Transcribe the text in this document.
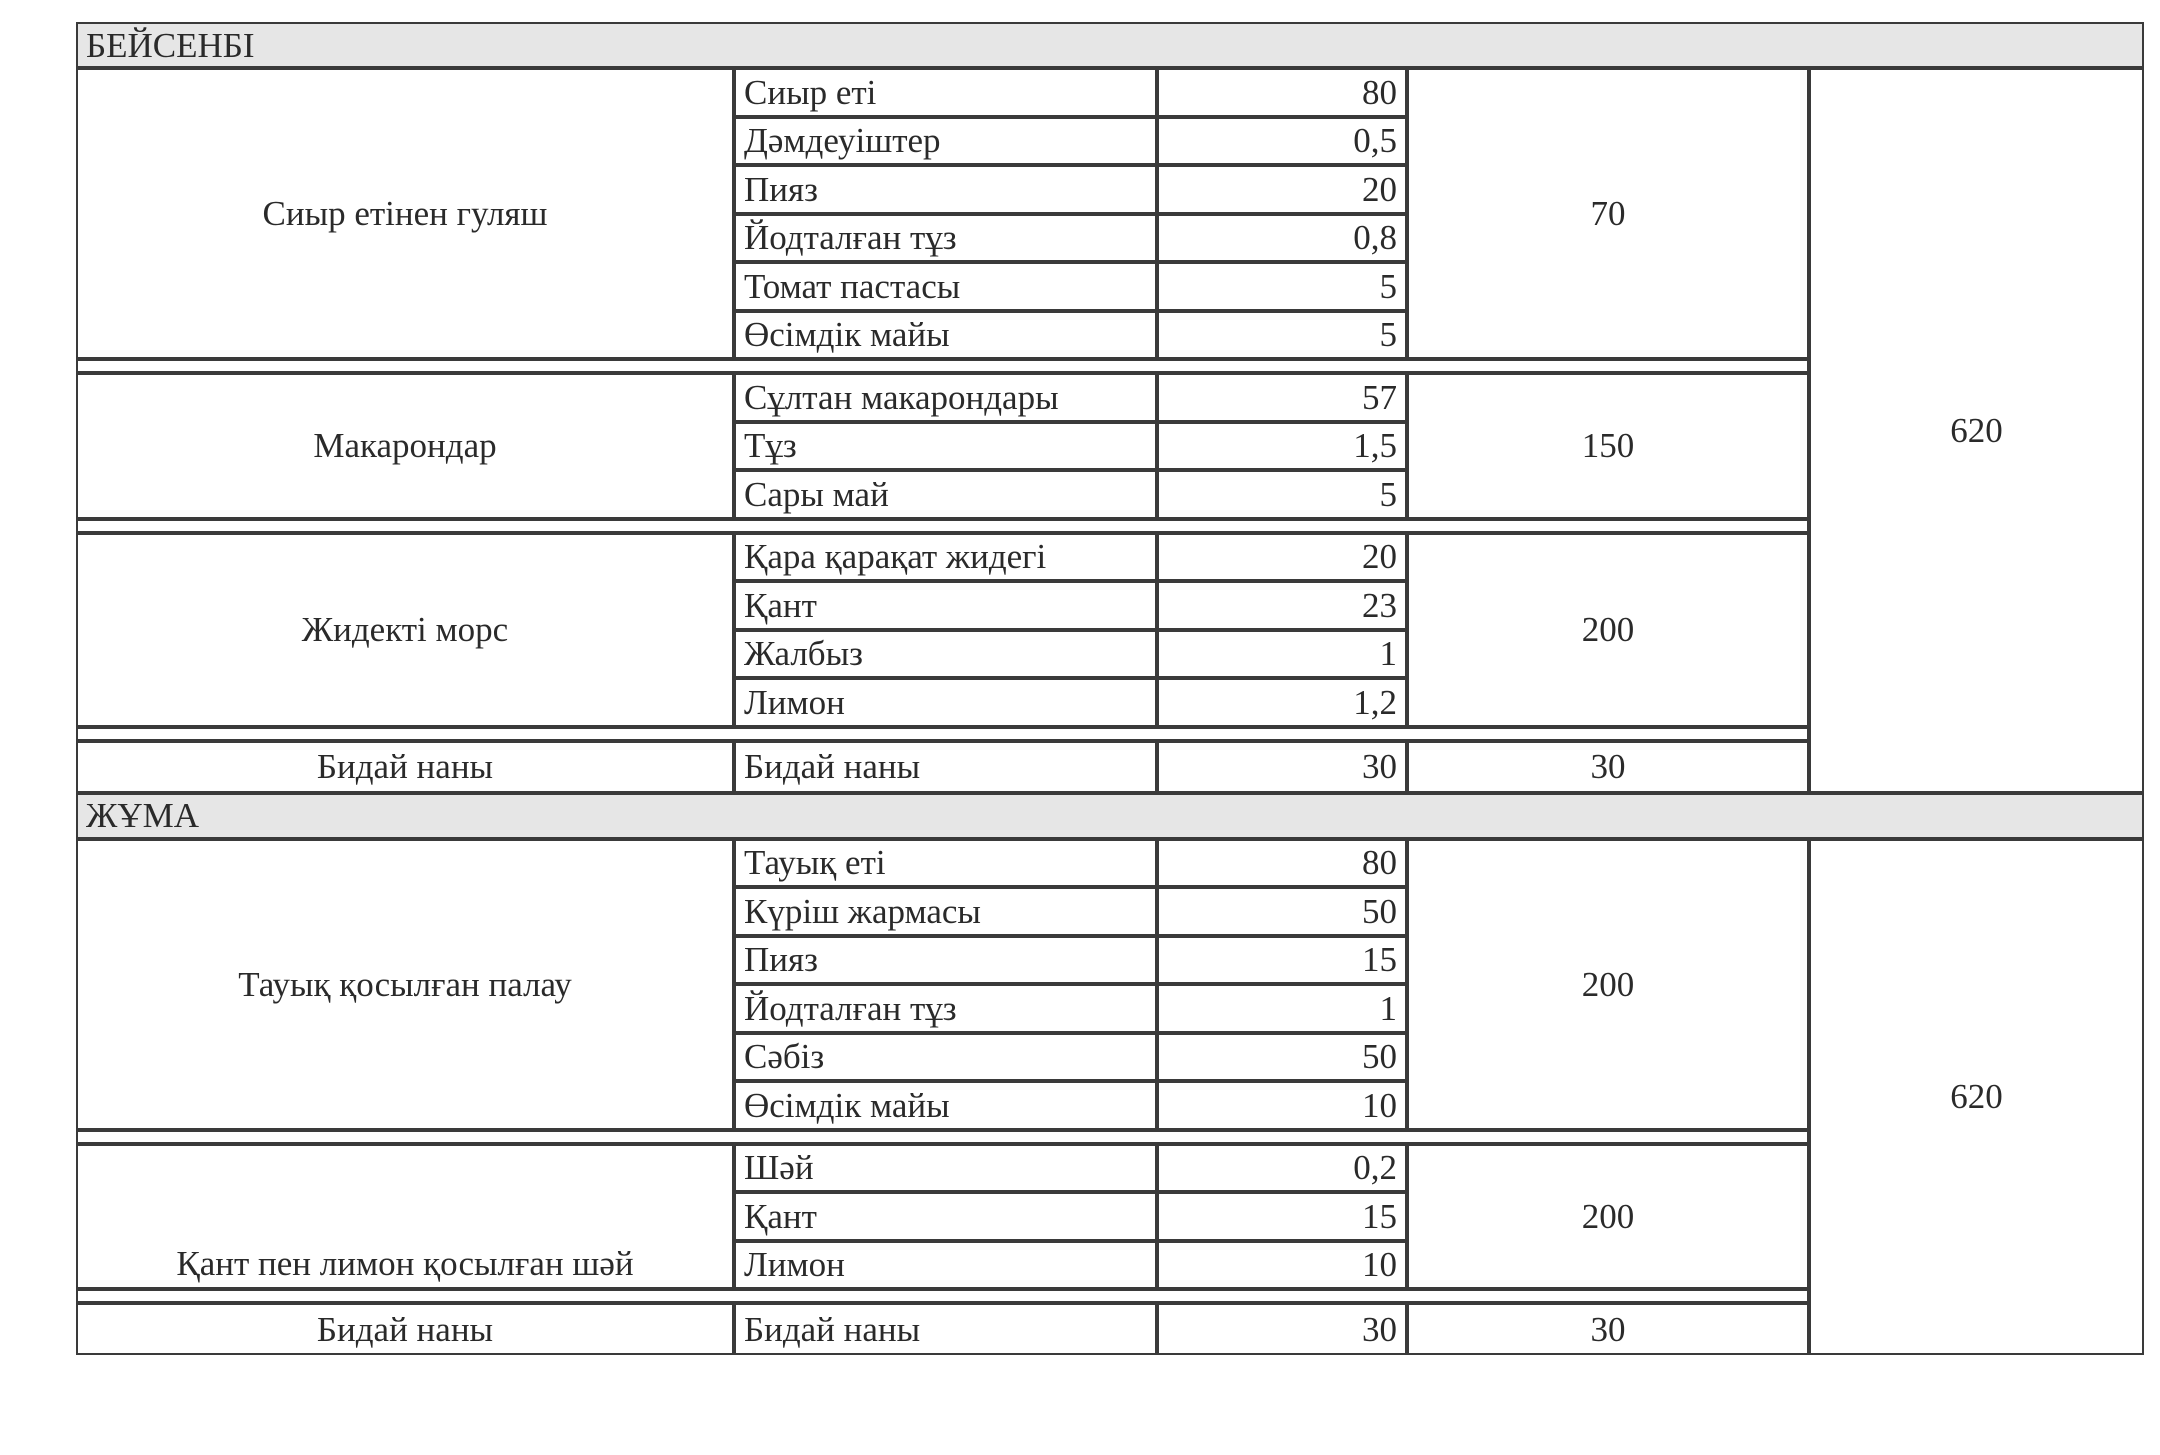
БЕЙСЕНБІ				
Сиыр етінен гуляш	Сиыр еті	80	70	620
	Дәмдеуіштер	0,5		
	Пияз	20		
	Йодталған тұз	0,8		
	Томат пастасы	5		
	Өсімдік майы	5		

Макарондар	Сұлтан макарондары	57	150	
	Тұз	1,5		
	Сары май	5		

Жидекті морс	Қара қарақат жидегі	20	200	
	Қант	23		
	Жалбыз	1		
	Лимон	1,2		

Бидай наны	Бидай наны	30	30	
ЖҰМА				
Тауық қосылған палау	Тауық еті	80	200	620
	Күріш жармасы	50		
	Пияз	15		
	Йодталған тұз	1		
	Сәбіз	50		
	Өсімдік майы	10		

Қант пен лимон қосылған шәй	Шәй	0,2	200	
	Қант	15		
	Лимон	10		

Бидай наны	Бидай наны	30	30	
